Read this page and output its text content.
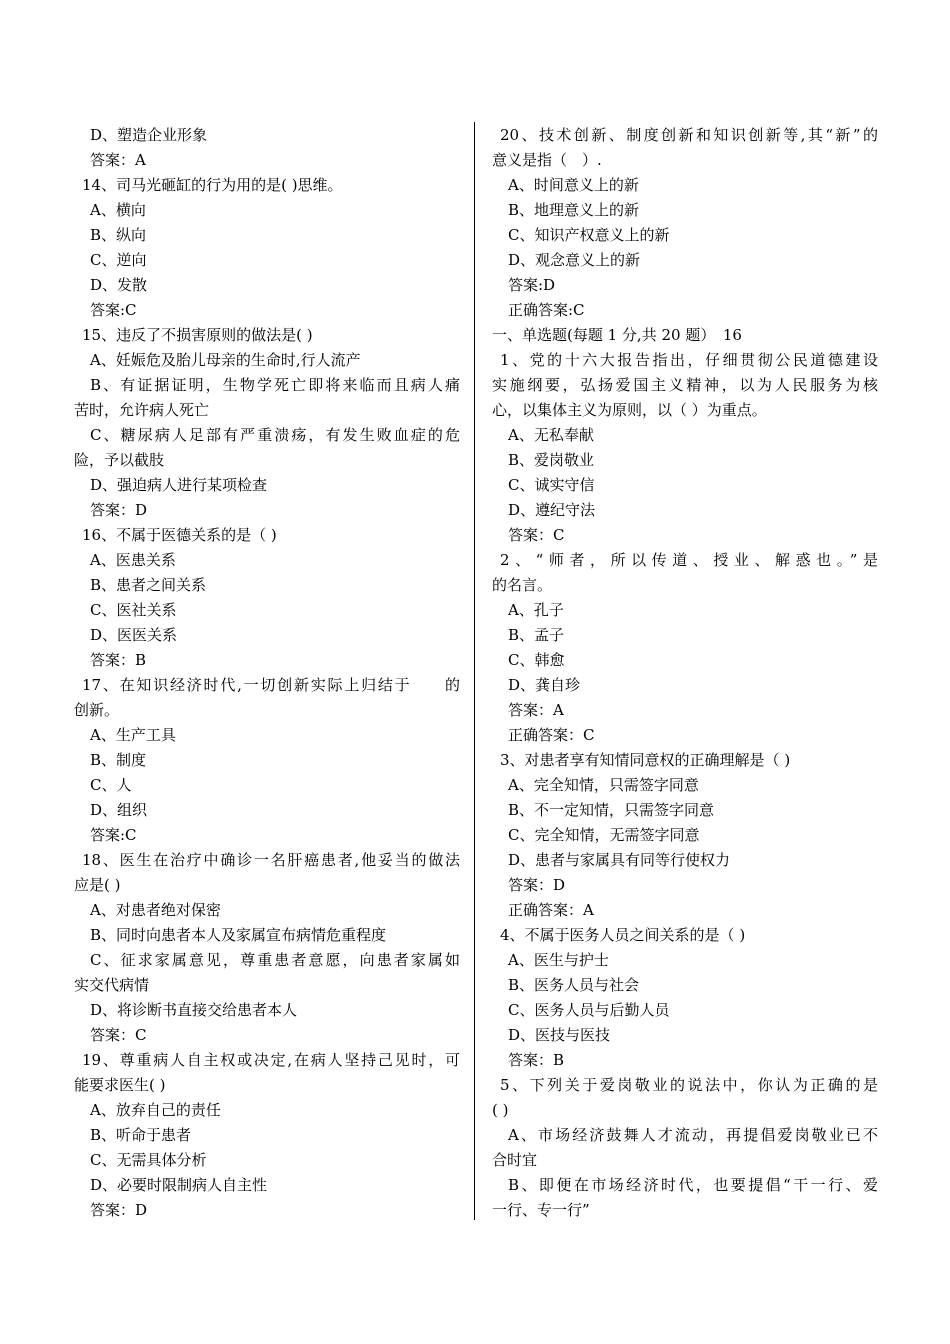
D、塑造企业形象
答案：A
14、司马光砸缸的行为用的是( )思维。
A、横向
B、纵向
C、逆向
D、发散
答案:C
15、违反了不损害原则的做法是( )
A、妊娠危及胎儿母亲的生命时,行人流产
B、有证据证明，生物学死亡即将来临而且病人痛
苦时，允许病人死亡
C、糖尿病人足部有严重溃疡，有发生败血症的危
险，予以截肢
D、强迫病人进行某项检查
答案：D
16、不属于医德关系的是（ )
A、医患关系
B、患者之间关系
C、医社关系
D、医医关系
答案：B
17、在知识经济时代,一切创新实际上归结于　　的
创新。
A、生产工具
B、制度
C、人
D、组织
答案:C
18、医生在治疗中确诊一名肝癌患者,他妥当的做法
应是( )
A、对患者绝对保密
B、同时向患者本人及家属宣布病情危重程度
C、征求家属意见，尊重患者意愿，向患者家属如
实交代病情
D、将诊断书直接交给患者本人
答案：C
19、尊重病人自主权或决定,在病人坚持己见时，可
能要求医生( )
A、放弃自己的责任
B、听命于患者
C、无需具体分析
D、必要时限制病人自主性
答案：D
20、技术创新、制度创新和知识创新等,其“新”的
意义是指（　）.
A、时间意义上的新
B、地理意义上的新
C、知识产权意义上的新
D、观念意义上的新
答案:D
正确答案:C
一、单选题(每题 1 分,共 20 题）　16
1、党的十六大报告指出，仔细贯彻公民道德建设
实施纲要，弘扬爱国主义精神，以为人民服务为核
心，以集体主义为原则，以（ ）为重点。
A、无私奉献
B、爱岗敬业
C、诚实守信
D、遵纪守法
答案：C
2、“师者，所以传道、授业、解惑也。”是
的名言。
A、孔子
B、孟子
C、韩愈
D、龚自珍
答案：A
正确答案：C
3、对患者享有知情同意权的正确理解是（ )
A、完全知情，只需签字同意
B、不一定知情，只需签字同意
C、完全知情，无需签字同意
D、患者与家属具有同等行使权力
答案：D
正确答案：A
4、不属于医务人员之间关系的是（ )
A、医生与护士
B、医务人员与社会
C、医务人员与后勤人员
D、医技与医技
答案：B
5、下列关于爱岗敬业的说法中，你认为正确的是
( )
A、市场经济鼓舞人才流动，再提倡爱岗敬业已不
合时宜
B、即便在市场经济时代，也要提倡“干一行、爱
一行、专一行”
